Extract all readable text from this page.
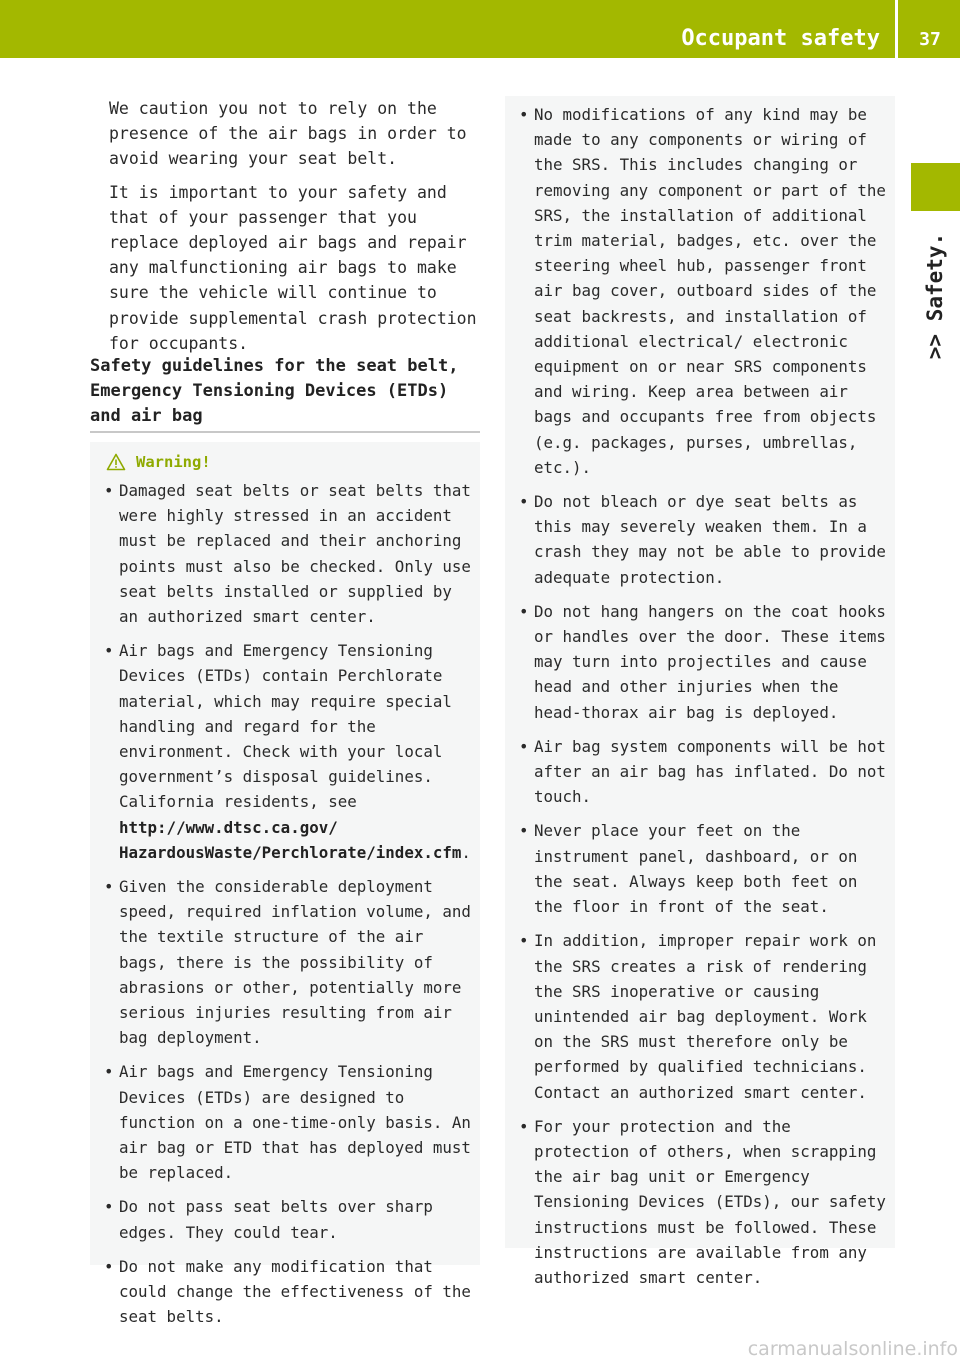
Occupant safety	37
>> Safety.

We caution you not to rely on the presence of the air bags in order to avoid wearing your seat belt.

It is important to your safety and that of your passenger that you replace deployed air bags and repair any malfunctioning air bags to make sure the vehicle will continue to provide supplemental crash protection for occupants.

Safety guidelines for the seat belt, Emergency Tensioning Devices (ETDs) and air bag
Warning!
• Damaged seat belts or seat belts that were highly stressed in an accident must be replaced and their anchoring points must also be checked. Only use seat belts installed or supplied by an authorized smart center.
• Air bags and Emergency Tensioning Devices (ETDs) contain Perchlorate material, which may require special handling and regard for the environment. Check with your local government’s disposal guidelines. California residents, see http://www.dtsc.ca.gov/ HazardousWaste/Perchlorate/index.cfm.
• Given the considerable deployment speed, required inflation volume, and the textile structure of the air bags, there is the possibility of abrasions or other, potentially more serious injuries resulting from air bag deployment.
• Air bags and Emergency Tensioning Devices (ETDs) are designed to function on a one-time-only basis. An air bag or ETD that has deployed must be replaced.
• Do not pass seat belts over sharp edges. They could tear.
• Do not make any modification that could change the effectiveness of the seat belts.
• No modifications of any kind may be made to any components or wiring of the SRS. This includes changing or removing any component or part of the SRS, the installation of additional trim material, badges, etc. over the steering wheel hub, passenger front air bag cover, outboard sides of the seat backrests, and installation of additional electrical/ electronic equipment on or near SRS components and wiring. Keep area between air bags and occupants free from objects (e.g. packages, purses, umbrellas, etc.).
• Do not bleach or dye seat belts as this may severely weaken them. In a crash they may not be able to provide adequate protection.
• Do not hang hangers on the coat hooks or handles over the door. These items may turn into projectiles and cause head and other injuries when the head-thorax air bag is deployed.
• Air bag system components will be hot after an air bag has inflated. Do not touch.
• Never place your feet on the instrument panel, dashboard, or on the seat. Always keep both feet on the floor in front of the seat.
• In addition, improper repair work on the SRS creates a risk of rendering the SRS inoperative or causing unintended air bag deployment. Work on the SRS must therefore only be performed by qualified technicians. Contact an authorized smart center.
• For your protection and the protection of others, when scrapping the air bag unit or Emergency Tensioning Devices (ETDs), our safety instructions must be followed. These instructions are available from any authorized smart center.
carmanualsonline.info
